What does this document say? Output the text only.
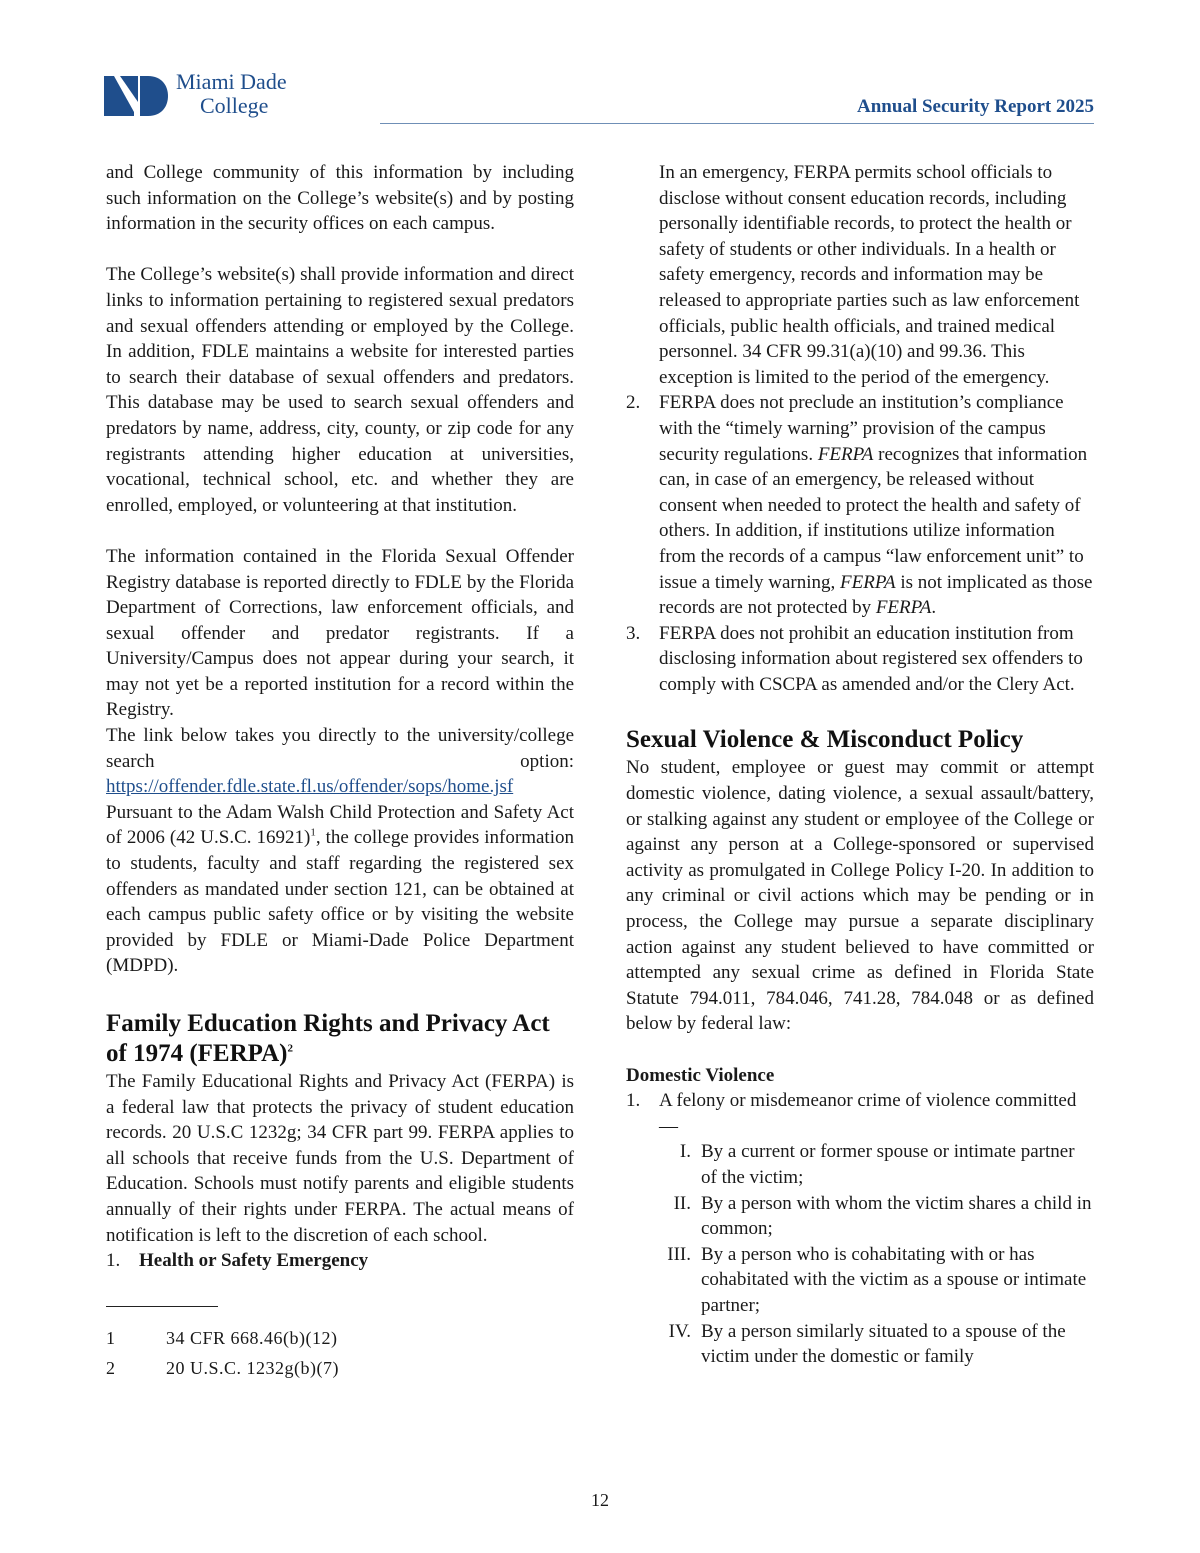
Miami Dade
College	Annual Security Report 2025

and College community of this information by including such information on the College’s website(s) and by posting information in the security offices on each campus.

The College’s website(s) shall provide information and direct links to information pertaining to registered sexual predators and sexual offenders attending or employed by the College. In addition, FDLE maintains a website for interested parties to search their database of sexual offenders and predators. This database may be used to search sexual offenders and predators by name, address, city, county, or zip code for any registrants attending higher education at universities, vocational, technical school, etc. and whether they are enrolled, employed, or volunteering at that institution.

The information contained in the Florida Sexual Offender Registry database is reported directly to FDLE by the Florida Department of Corrections, law enforcement officials, and sexual offender and predator registrants. If a University/Campus does not appear during your search, it may not yet be a reported institution for a record within the Registry.

The link below takes you directly to the university/college search option: https://offender.fdle.state.fl.us/offender/sops/home.jsf

Pursuant to the Adam Walsh Child Protection and Safety Act of 2006 (42 U.S.C. 16921)$^1$, the college provides information to students, faculty and staff regarding the registered sex offenders as mandated under section 121, can be obtained at each campus public safety office or by visiting the website provided by FDLE or Miami-Dade Police Department (MDPD).

Family Education Rights and Privacy Act of 1974 (FERPA)$^2$

The Family Educational Rights and Privacy Act (FERPA) is a federal law that protects the privacy of student education records. 20 U.S.C 1232g; 34 CFR part 99. FERPA applies to all schools that receive funds from the U.S. Department of Education. Schools must notify parents and eligible students annually of their rights under FERPA. The actual means of notification is left to the discretion of each school.

1. Health or Safety Emergency
1	34 CFR 668.46(b)(12)
2	20 U.S.C. 1232g(b)(7)
In an emergency, FERPA permits school officials to disclose without consent education records, including personally identifiable records, to protect the health or safety of students or other individuals. In a health or safety emergency, records and information may be released to appropriate parties such as law enforcement officials, public health officials, and trained medical personnel. 34 CFR 99.31(a)(10) and 99.36. This exception is limited to the period of the emergency.
2. FERPA does not preclude an institution’s compliance with the “timely warning” provision of the campus security regulations. FERPA recognizes that information can, in case of an emergency, be released without consent when needed to protect the health and safety of others. In addition, if institutions utilize information from the records of a campus “law enforcement unit” to issue a timely warning, FERPA is not implicated as those records are not protected by FERPA.
3. FERPA does not prohibit an education institution from disclosing information about registered sex offenders to comply with CSCPA as amended and/or the Clery Act.
Sexual Violence & Misconduct Policy

No student, employee or guest may commit or attempt domestic violence, dating violence, a sexual assault/battery, or stalking against any student or employee of the College or against any person at a College-sponsored or supervised activity as promulgated in College Policy I-20. In addition to any criminal or civil actions which may be pending or in process, the College may pursue a separate disciplinary action against any student believed to have committed or attempted any sexual crime as defined in Florida State Statute 794.011, 784.046, 741.28, 784.048 or as defined below by federal law:

Domestic Violence
1. A felony or misdemeanor crime of violence committed —
I. By a current or former spouse or intimate partner of the victim;
II. By a person with whom the victim shares a child in common;
III. By a person who is cohabitating with or has cohabitated with the victim as a spouse or intimate partner;
IV. By a person similarly situated to a spouse of the victim under the domestic or family
12
